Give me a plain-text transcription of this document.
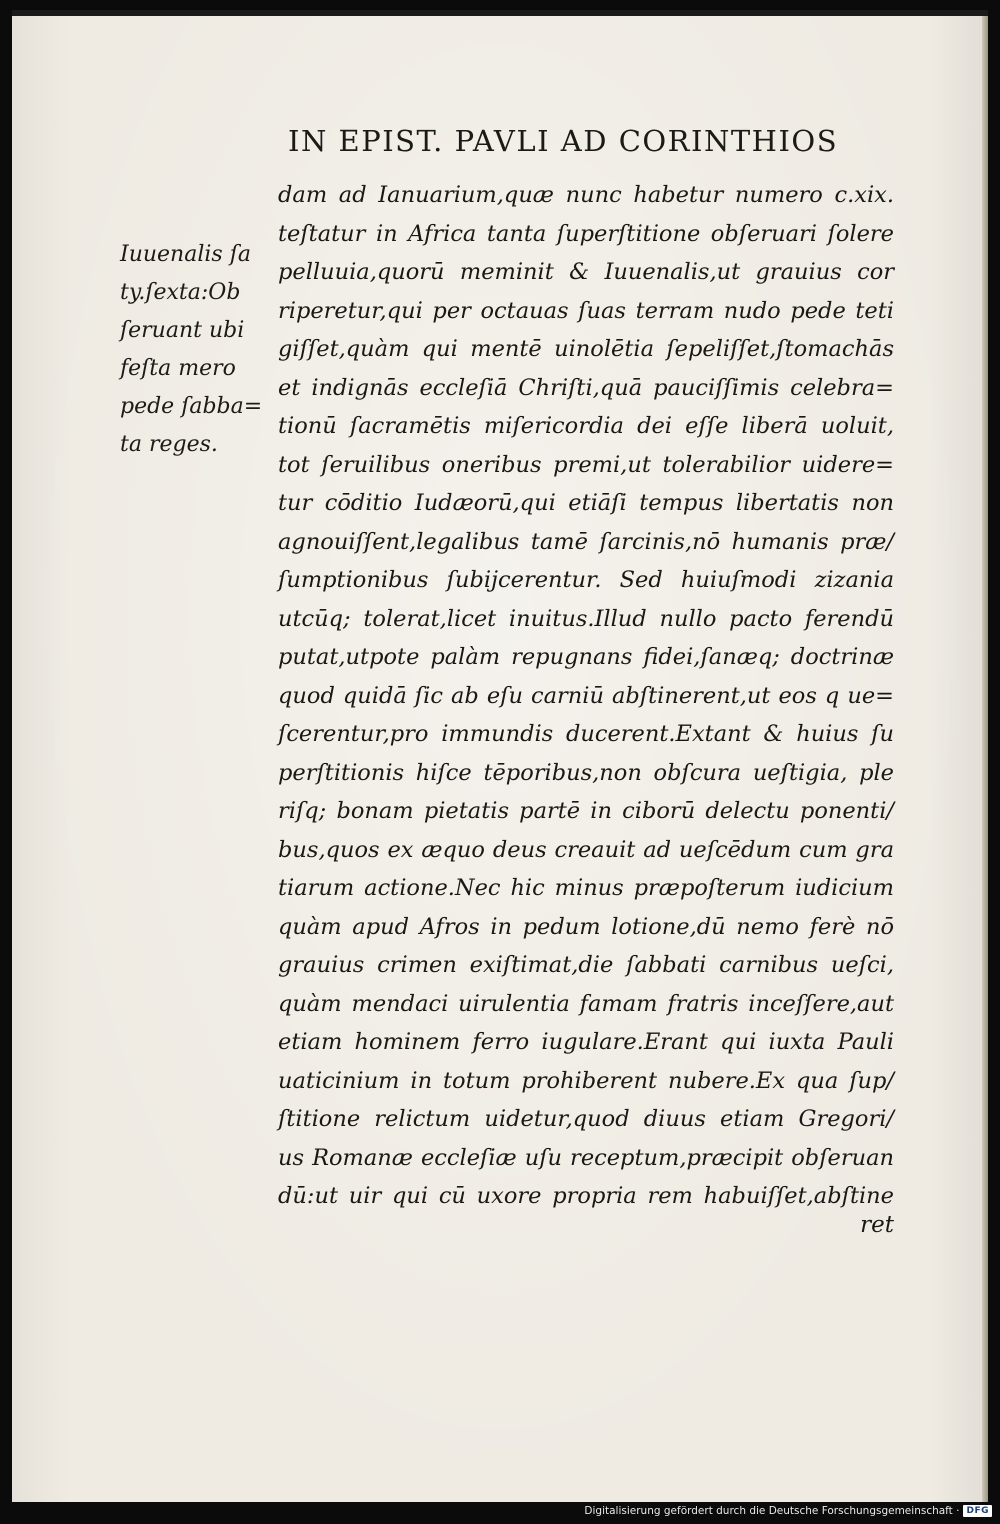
IN EPIST. PAVLI AD CORINTHIOS
Iuuenalis ſa
ty.ſexta:Ob
ſeruant ubi
feſta mero
pede ſabba=
ta reges.
dam ad Ianuarium,quæ nunc habetur numero c.xix.
teſtatur in Africa tanta ſuperſtitione obſeruari ſolere
pelluuia,quorū meminit & Iuuenalis,ut grauius cor
riperetur,qui per octauas ſuas terram nudo pede teti
giſſet,quàm qui mentē uinolētia ſepeliſſet,ſtomachās
et indignās eccleſiā Chriſti,quā pauciſſimis celebra=
tionū ſacramētis miſericordia dei eſſe liberā uoluit,
tot ſeruilibus oneribus premi,ut tolerabilior uidere=
tur cōditio Iudæorū,qui etiāſi tempus libertatis non
agnouiſſent,legalibus tamē ſarcinis,nō humanis præ/
ſumptionibus ſubijcerentur. Sed huiuſmodi zizania
utcūq; tolerat,licet inuitus.Illud nullo pacto ferendū
putat,utpote palàm repugnans fidei,ſanæq; doctrinæ
quod quidā ſic ab eſu carniū abſtinerent,ut eos q ue=
ſcerentur,pro immundis ducerent.Extant & huius ſu
perſtitionis hiſce tēporibus,non obſcura ueſtigia, ple
riſq; bonam pietatis partē in ciborū delectu ponenti/
bus,quos ex æquo deus creauit ad ueſcēdum cum gra
tiarum actione.Nec hic minus præpoſterum iudicium
quàm apud Afros in pedum lotione,dū nemo ferè nō
grauius crimen exiſtimat,die ſabbati carnibus ueſci,
quàm mendaci uirulentia famam fratris inceſſere,aut
etiam hominem ferro iugulare.Erant qui iuxta Pauli
uaticinium in totum prohiberent nubere.Ex qua ſup/
ſtitione relictum uidetur,quod diuus etiam Gregori/
us Romanæ eccleſiæ uſu receptum,præcipit obſeruan
dū:ut uir qui cū uxore propria rem habuiſſet,abſtine
ret
Digitalisierung gefördert durch die Deutsche Forschungsgemeinschaft · DFG
